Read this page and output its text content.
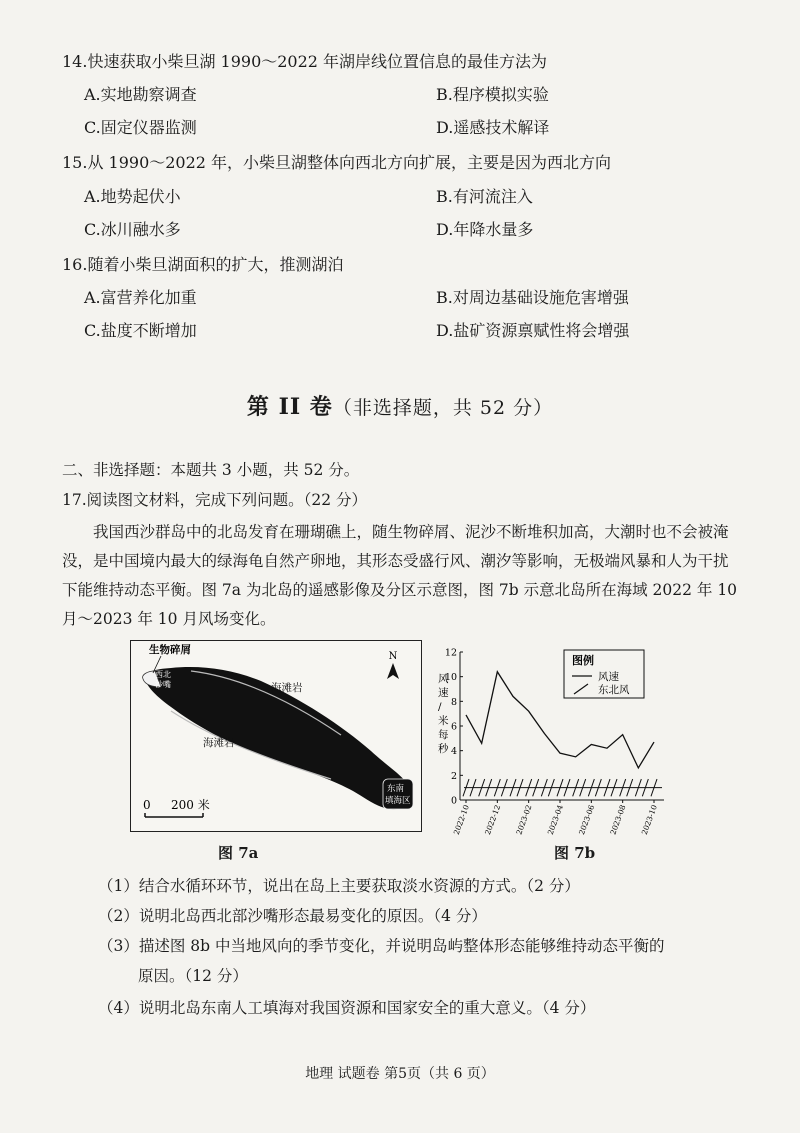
14.快速获取小柴旦湖 1990～2022 年湖岸线位置信息的最佳方法为
A.实地勘察调查	B.程序模拟实验
C.固定仪器监测	D.遥感技术解译
15.从 1990～2022 年，小柴旦湖整体向西北方向扩展，主要是因为西北方向
A.地势起伏小	B.有河流注入
C.冰川融水多	D.年降水量多
16.随着小柴旦湖面积的扩大，推测湖泊
A.富营养化加重	B.对周边基础设施危害增强
C.盐度不断增加	D.盐矿资源禀赋性将会增强
第 II 卷（非选择题，共 52 分）
二、非选择题：本题共 3 小题，共 52 分。
17.阅读图文材料，完成下列问题。（22 分）
我国西沙群岛中的北岛发育在珊瑚礁上，随生物碎屑、泥沙不断堆积加高，大潮时也不会被淹没，是中国境内最大的绿海龟自然产卵地，其形态受盛行风、潮汐等影响，无极端风暴和人为干扰下能维持动态平衡。图 7a 为北岛的遥感影像及分区示意图，图 7b 示意北岛所在海域 2022 年 10 月～2023 年 10 月风场变化。
N
0 200 米
生物碎屑
西北
沙嘴	海滩岩
海滩岩
东南
填海区
图 7a
风
速
/
米
每
秒
0
2
4
6
8
10
12
2022-10 2022-12 2023-02 2023-04 2023-06 2023-08 2023-10
图例
风速
东北风
图 7b
（1）结合水循环环节，说出在岛上主要获取淡水资源的方式。（2 分）
（2）说明北岛西北部沙嘴形态最易变化的原因。（4 分）
（3）描述图 8b 中当地风向的季节变化，并说明岛屿整体形态能够维持动态平衡的
原因。（12 分）
（4）说明北岛东南人工填海对我国资源和国家安全的重大意义。（4 分）
地理 试题卷 第5页（共 6 页）
